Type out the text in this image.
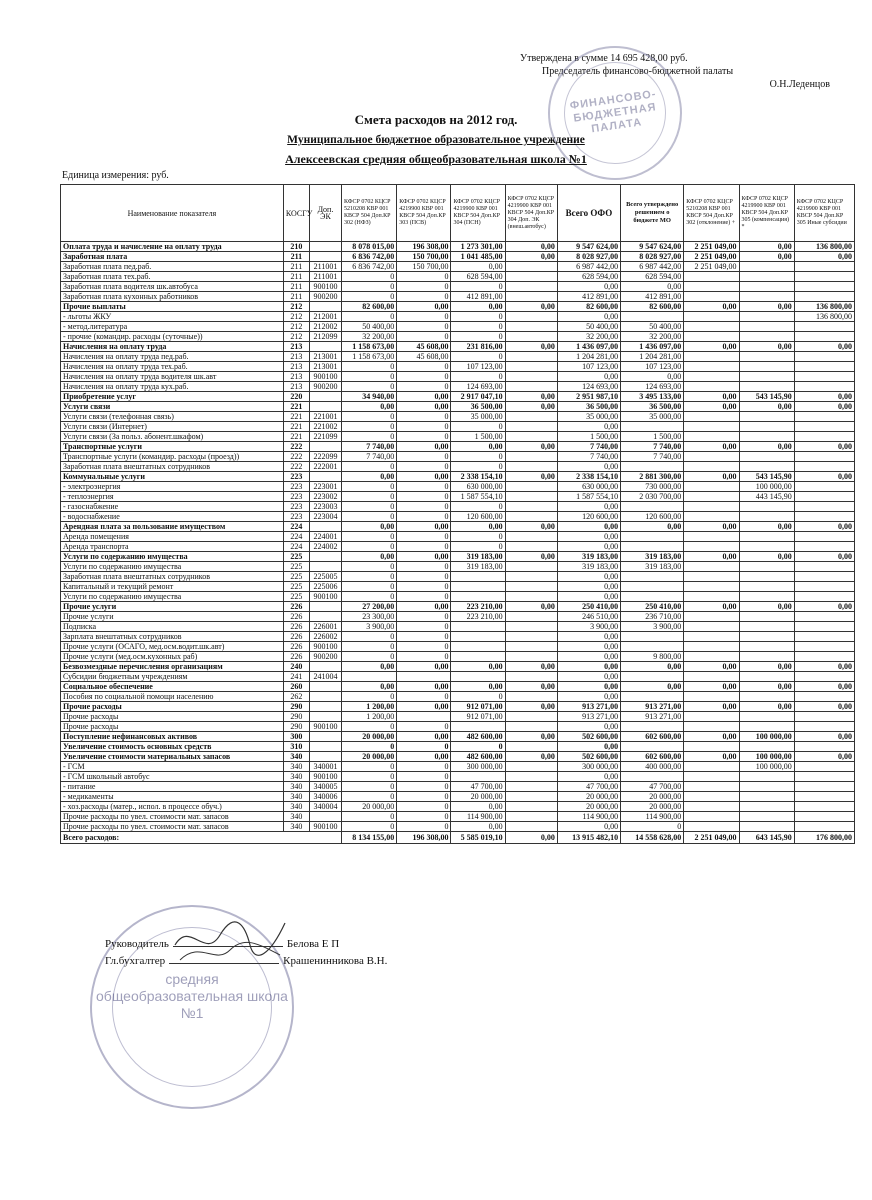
Утверждена в сумме 14 695 428,00 руб.
Председатель финансово-бюджетной палаты
О.Н.Леденцов
ФИНАНСОВО-БЮДЖЕТНАЯ ПАЛАТА
Смета расходов на 2012 год.
Муниципальное бюджетное образовательное учреждение
Алексеевская средняя общеобразовательная школа №1
Единица измерения: руб.
Наименование показателя	КОСГУ	Доп. ЭК	КФСР 0702 КЦСР 5210208 КВР 001 КВСР 504 Доп.КР 302 (НФЗ)	КФСР 0702 КЦСР 4219900 КВР 001 КВСР 504 Доп.КР 303 (ПСВ)	КФСР 0702 КЦСР 4219900 КВР 001 КВСР 504 Доп.КР 304 (ПСН)	КФСР 0702 КЦСР 4219900 КВР 001 КВСР 504 Доп.КР 304 Доп. ЭК (внеш.автобус)	Всего ОФО	Всего утверждено решением о бюджете МО	КФСР 0702 КЦСР 5210208 КВР 001 КВСР 504 Доп.КР 302 (отклонение) +	КФСР 0702 КЦСР 4219900 КВР 001 КВСР 504 Доп.КР 305 (компенсация) *	КФСР 0702 КЦСР 4219900 КВР 001 КВСР 504 Доп.КР 305 Иные субсидии
Оплата труда и начисление на оплату труда	210		8 078 015,00	196 308,00	1 273 301,00	0,00	9 547 624,00	9 547 624,00	2 251 049,00	0,00	136 800,00
Заработная плата	211		6 836 742,00	150 700,00	1 041 485,00	0,00	8 028 927,00	8 028 927,00	2 251 049,00	0,00	0,00
Заработная плата пед.раб.	211	211001	6 836 742,00	150 700,00	0,00		6 987 442,00	6 987 442,00	2 251 049,00		
Заработная плата тех.раб.	211	211001	0	0	628 594,00		628 594,00	628 594,00			
Заработная плата водителя шк.автобуса	211	900100	0	0	0		0,00	0,00			
Заработная плата кухонных работников	211	900200	0	0	412 891,00		412 891,00	412 891,00			
Прочие выплаты	212		82 600,00	0,00	0,00	0,00	82 600,00	82 600,00	0,00	0,00	136 800,00
- льготы ЖКУ	212	212001	0	0	0		0,00				136 800,00
- метод.литература	212	212002	50 400,00	0	0		50 400,00	50 400,00			
- прочие (командир. расходы (суточные))	212	212099	32 200,00	0	0		32 200,00	32 200,00			
Начисления на оплату труда	213		1 158 673,00	45 608,00	231 816,00	0,00	1 436 097,00	1 436 097,00	0,00	0,00	0,00
Начисления на оплату труда пед.раб.	213	213001	1 158 673,00	45 608,00	0		1 204 281,00	1 204 281,00			
Начисления на оплату труда тех.раб.	213	213001	0	0	107 123,00		107 123,00	107 123,00			
Начисления на оплату труда водителя шк.авт	213	900100	0	0	0		0,00	0,00			
Начисления на оплату труда кух.раб.	213	900200	0	0	124 693,00		124 693,00	124 693,00			
Приобретение услуг	220		34 940,00	0,00	2 917 047,10	0,00	2 951 987,10	3 495 133,00	0,00	543 145,90	0,00
Услуги связи	221		0,00	0,00	36 500,00	0,00	36 500,00	36 500,00	0,00	0,00	0,00
Услуги связи (телефонная связь)	221	221001	0	0	35 000,00		35 000,00	35 000,00			
Услуги связи (Интернет)	221	221002	0	0	0		0,00				
Услуги связи (За польз. абонент.шкафом)	221	221099	0	0	1 500,00		1 500,00	1 500,00			
Транспортные услуги	222		7 740,00	0,00	0,00	0,00	7 740,00	7 740,00	0,00	0,00	0,00
Транспортные услуги (командир. расходы (проезд))	222	222099	7 740,00	0	0		7 740,00	7 740,00			
Заработная плата внештатных сотрудников	222	222001	0	0	0		0,00				
Коммунальные услуги	223		0,00	0,00	2 338 154,10	0,00	2 338 154,10	2 881 300,00	0,00	543 145,90	0,00
- электроэнергия	223	223001	0	0	630 000,00		630 000,00	730 000,00		100 000,00	
- теплоэнергия	223	223002	0	0	1 587 554,10		1 587 554,10	2 030 700,00		443 145,90	
- газоснабжение	223	223003	0	0	0		0,00				
- водоснабжение	223	223004	0	0	120 600,00		120 600,00	120 600,00			
Арендная плата за пользование имуществом	224		0,00	0,00	0,00	0,00	0,00	0,00	0,00	0,00	0,00
Аренда помещения	224	224001	0	0	0		0,00				
Аренда транспорта	224	224002	0	0	0		0,00				
Услуги по содержанию имущества	225		0,00	0,00	319 183,00	0,00	319 183,00	319 183,00	0,00	0,00	0,00
Услуги по содержанию имущества	225		0	0	319 183,00		319 183,00	319 183,00			
Заработная плата внештатных сотрудников	225	225005	0	0			0,00				
Капитальный и текущий ремонт	225	225006	0	0			0,00				
Услуги по содержанию имущества	225	900100	0	0			0,00				
Прочие услуги	226		27 200,00	0,00	223 210,00	0,00	250 410,00	250 410,00	0,00	0,00	0,00
Прочие услуги	226		23 300,00	0	223 210,00		246 510,00	236 710,00			
Подписка	226	226001	3 900,00	0			3 900,00	3 900,00			
Зарплата внештатных сотрудников	226	226002	0	0			0,00				
Прочие услуги (ОСАГО, мед.осм.водит.шк.авт)	226	900100	0	0			0,00				
Прочие услуги (мед.осм.кухонных раб)	226	900200	0	0			0,00	9 800,00			
Безвозмездные перечисления организациям	240		0,00	0,00	0,00	0,00	0,00	0,00	0,00	0,00	0,00
Субсидии бюджетным учреждениям	241	241004					0,00				
Социальное обеспечение	260		0,00	0,00	0,00	0,00	0,00	0,00	0,00	0,00	0,00
Пособия по социальной помощи населению	262		0	0	0		0,00				
Прочие расходы	290		1 200,00	0,00	912 071,00	0,00	913 271,00	913 271,00	0,00	0,00	0,00
Прочие расходы	290		1 200,00		912 071,00		913 271,00	913 271,00			
Прочие расходы	290	900100	0	0			0,00				
Поступление нефинансовых активов	300		20 000,00	0,00	482 600,00	0,00	502 600,00	602 600,00	0,00	100 000,00	0,00
Увеличение стоимость основных средств	310		0	0	0		0,00				
Увеличение стоимости материальных запасов	340		20 000,00	0,00	482 600,00	0,00	502 600,00	602 600,00	0,00	100 000,00	0,00
- ГСМ	340	340001	0	0	300 000,00		300 000,00	400 000,00		100 000,00	
- ГСМ школьный автобус	340	900100	0	0			0,00				
- питание	340	340005	0	0	47 700,00		47 700,00	47 700,00			
- медикаменты	340	340006	0	0	20 000,00		20 000,00	20 000,00			
- хоз.расходы (матер., испол. в процессе обуч.)	340	340004	20 000,00	0	0,00		20 000,00	20 000,00			
Прочие расходы по увел. стоимости мат. запасов	340		0	0	114 900,00		114 900,00	114 900,00			
Прочие расходы по увел. стоимости мат. запасов	340	900100	0	0	0,00		0,00	0			
Всего расходов:			8 134 155,00	196 308,00	5 585 019,10	0,00	13 915 482,10	14 558 628,00	2 251 049,00	643 145,90	176 800,00
средняя общеобразовательная школа №1
Руководитель	Белова Е П
Гл.бухгалтер	Крашенинникова В.Н.
